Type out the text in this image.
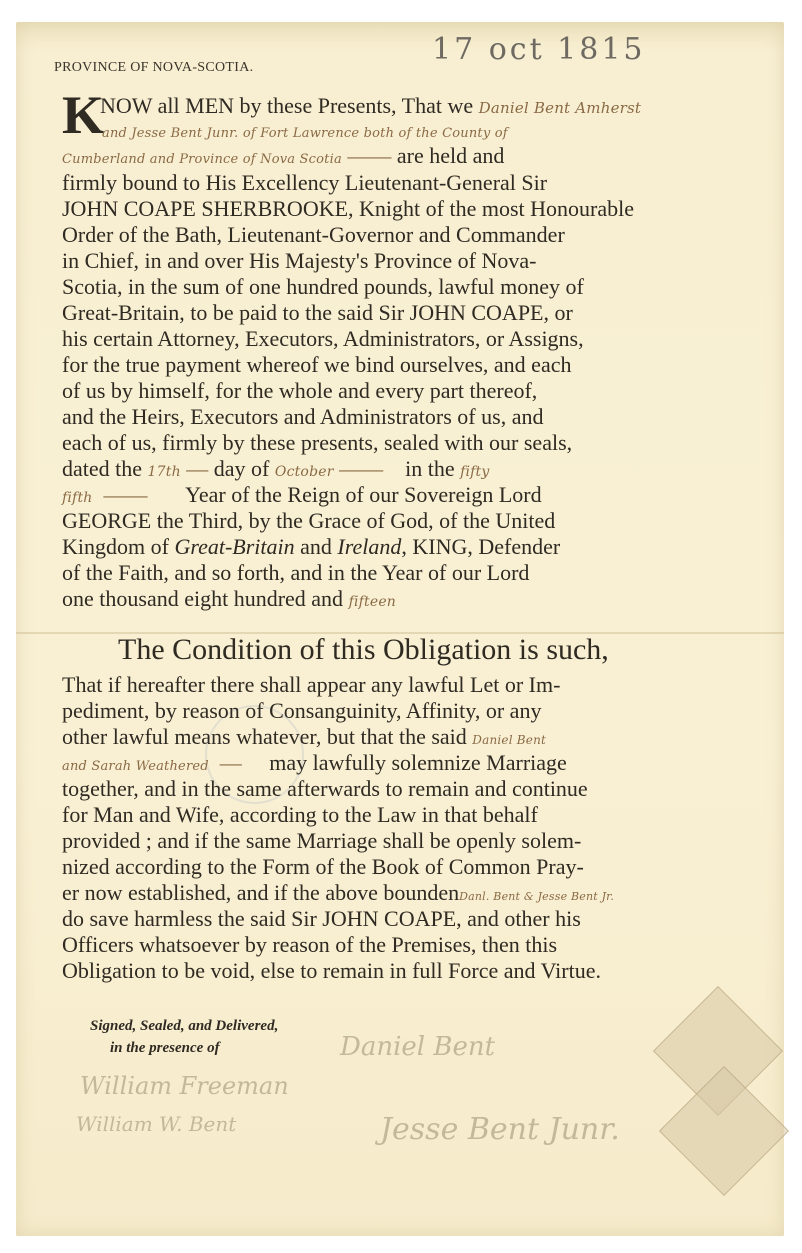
17 oct 1815
PROVINCE OF NOVA-SCOTIA.
K
NOW all MEN by these Presents, That we Daniel Bent Amherst
and Jesse Bent Junr. of Fort Lawrence both of the County of
Cumberland and Province of Nova Scotia —— are held and
firmly bound to His Excellency Lieutenant-General Sir
JOHN COAPE SHERBROOKE, Knight of the most Honourable
Order of the Bath, Lieutenant-Governor and Commander
in Chief, in and over His Majesty's Province of Nova-
Scotia, in the sum of one hundred pounds, lawful money of
Great-Britain, to be paid to the said Sir JOHN COAPE, or
his certain Attorney, Executors, Administrators, or Assigns,
for the true payment whereof we bind ourselves, and each
of us by himself, for the whole and every part thereof,
and the Heirs, Executors and Administrators of us, and
each of us, firmly by these presents, sealed with our seals,
dated the 17th — day of October ——    in the fifty
fifth  ——       Year of the Reign of our Sovereign Lord
GEORGE the Third, by the Grace of God, of the United
Kingdom of Great-Britain and Ireland, KING, Defender
of the Faith, and so forth, and in the Year of our Lord
one thousand eight hundred and fifteen
The Condition of this Obligation is such,
That if hereafter there shall appear any lawful Let or Im-
pediment, by reason of Consanguinity, Affinity, or any
other lawful means whatever, but that the said Daniel Bent
and Sarah Weathered  —     may lawfully solemnize Marriage
together, and in the same afterwards to remain and continue
for Man and Wife, according to the Law in that behalf
provided ; and if the same Marriage shall be openly solem-
nized according to the Form of the Book of Common Pray-
er now established, and if the above boundenDanl. Bent & Jesse Bent Jr.
do save harmless the said Sir JOHN COAPE, and other his
Officers whatsoever by reason of the Premises, then this
Obligation to be void, else to remain in full Force and Virtue.
Signed, Sealed, and Delivered,
in the presence of	Daniel Bent
Jesse Bent Junr.
William Freeman
William W. Bent
